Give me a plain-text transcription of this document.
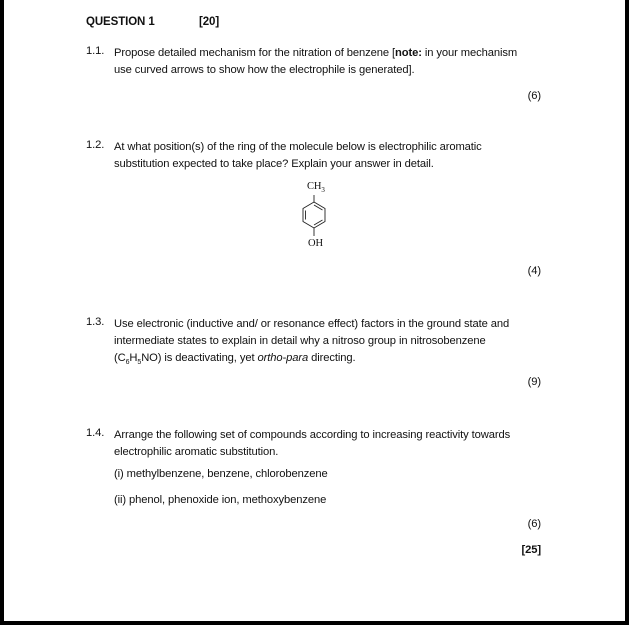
QUESTION 1	[20]
1.1. Propose detailed mechanism for the nitration of benzene [note: in your mechanism
use curved arrows to show how the electrophile is generated].
(6)
1.2. At what position(s) of the ring of the molecule below is electrophilic aromatic
substitution expected to take place? Explain your answer in detail.
$CH_3$
OH
(4)
1.3. Use electronic (inductive and/ or resonance effect) factors in the ground state and
intermediate states to explain in detail why a nitroso group in nitrosobenzene
$(C_6H_5NO)$ is deactivating, yet ortho-para directing.
(9)
1.4. Arrange the following set of compounds according to increasing reactivity towards
electrophilic aromatic substitution.
(i) methylbenzene, benzene, chlorobenzene
(ii) phenol, phenoxide ion, methoxybenzene
(6)
[25]
